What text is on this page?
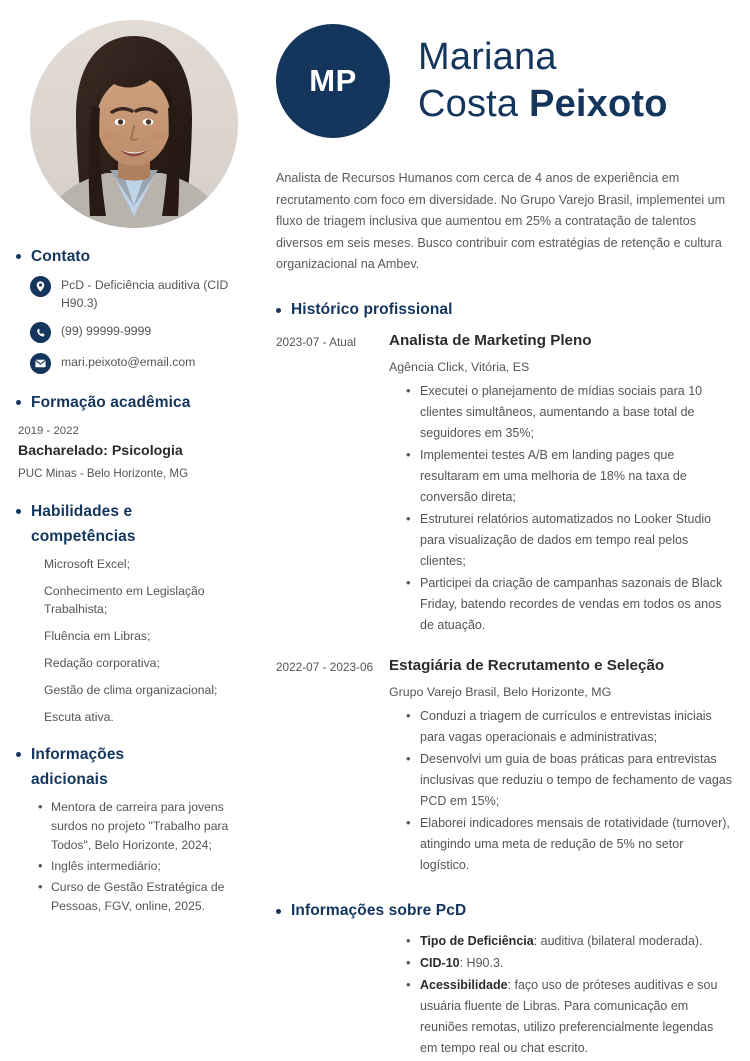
Contato
PcD - Deficiência auditiva (CID H90.3)
(99) 99999-9999
mari.peixoto@email.com
Formação acadêmica
2019 - 2022
Bacharelado: Psicologia
PUC Minas - Belo Horizonte, MG
Habilidades e competências
Microsoft Excel;
Conhecimento em Legislação Trabalhista;
Fluência em Libras;
Redação corporativa;
Gestão de clima organizacional;
Escuta ativa.
Informações adicionais
• Mentora de carreira para jovens surdos no projeto "Trabalho para Todos", Belo Horizonte, 2024;
• Inglês intermediário;
• Curso de Gestão Estratégica de Pessoas, FGV, online, 2025.
MP
Mariana
Costa Peixoto
Analista de Recursos Humanos com cerca de 4 anos de experiência em recrutamento com foco em diversidade. No Grupo Varejo Brasil, implementei um fluxo de triagem inclusiva que aumentou em 25% a contratação de talentos diversos em seis meses. Busco contribuir com estratégias de retenção e cultura organizacional na Ambev.
Histórico profissional
2023-07 - Atual	Analista de Marketing Pleno
Agência Click, Vitória, ES
• Executei o planejamento de mídias sociais para 10 clientes simultâneos, aumentando a base total de seguidores em 35%;
• Implementei testes A/B em landing pages que resultaram em uma melhoria de 18% na taxa de conversão direta;
• Estruturei relatórios automatizados no Looker Studio para visualização de dados em tempo real pelos clientes;
• Participei da criação de campanhas sazonais de Black Friday, batendo recordes de vendas em todos os anos de atuação.
2022-07 - 2023-06	Estagiária de Recrutamento e Seleção
Grupo Varejo Brasil, Belo Horizonte, MG
• Conduzi a triagem de currículos e entrevistas iniciais para vagas operacionais e administrativas;
• Desenvolvi um guia de boas práticas para entrevistas inclusivas que reduziu o tempo de fechamento de vagas PCD em 15%;
• Elaborei indicadores mensais de rotatividade (turnover), atingindo uma meta de redução de 5% no setor logístico.
Informações sobre PcD
• Tipo de Deficiência: auditiva (bilateral moderada).
• CID-10: H90.3.
• Acessibilidade: faço uso de próteses auditivas e sou usuária fluente de Libras. Para comunicação em reuniões remotas, utilizo preferencialmente legendas em tempo real ou chat escrito.
